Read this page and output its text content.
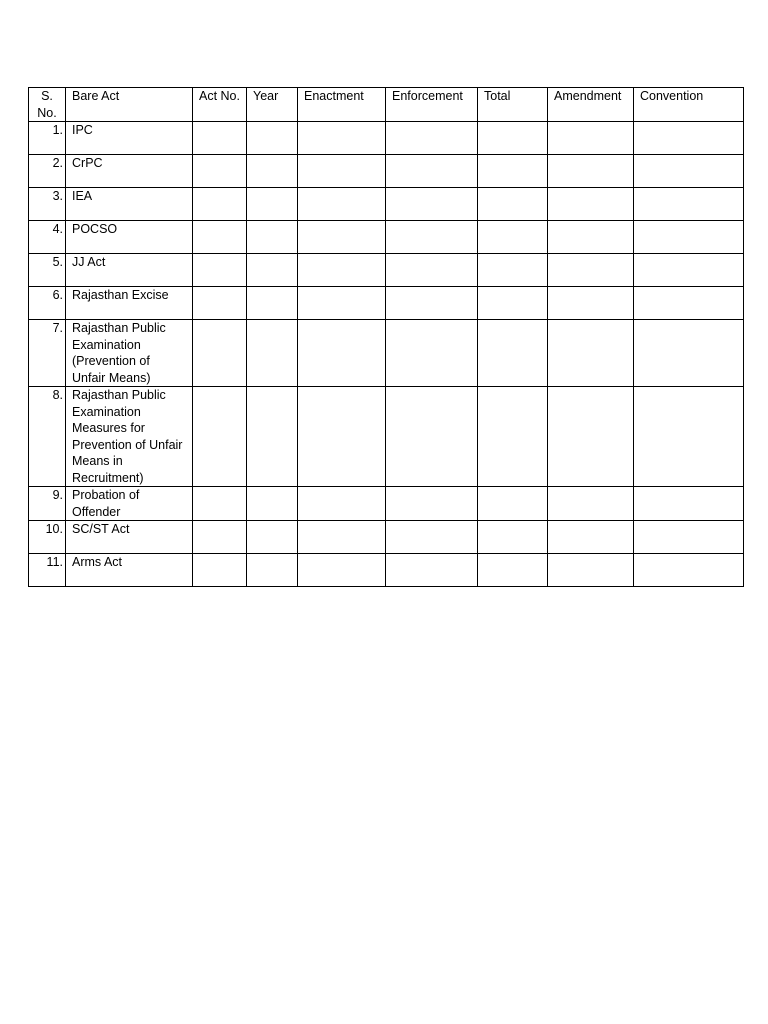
S. No.	Bare Act	Act No.	Year	Enactment	Enforcement	Total	Amendment	Convention
1.	IPC							
2.	CrPC							
3.	IEA							
4.	POCSO							
5.	JJ Act							
6.	Rajasthan Excise							
7.	Rajasthan Public Examination (Prevention of Unfair Means)							
8.	Rajasthan Public Examination Measures for Prevention of Unfair Means in Recruitment)							
9.	Probation of Offender							
10.	SC/ST Act							
11.	Arms Act							
